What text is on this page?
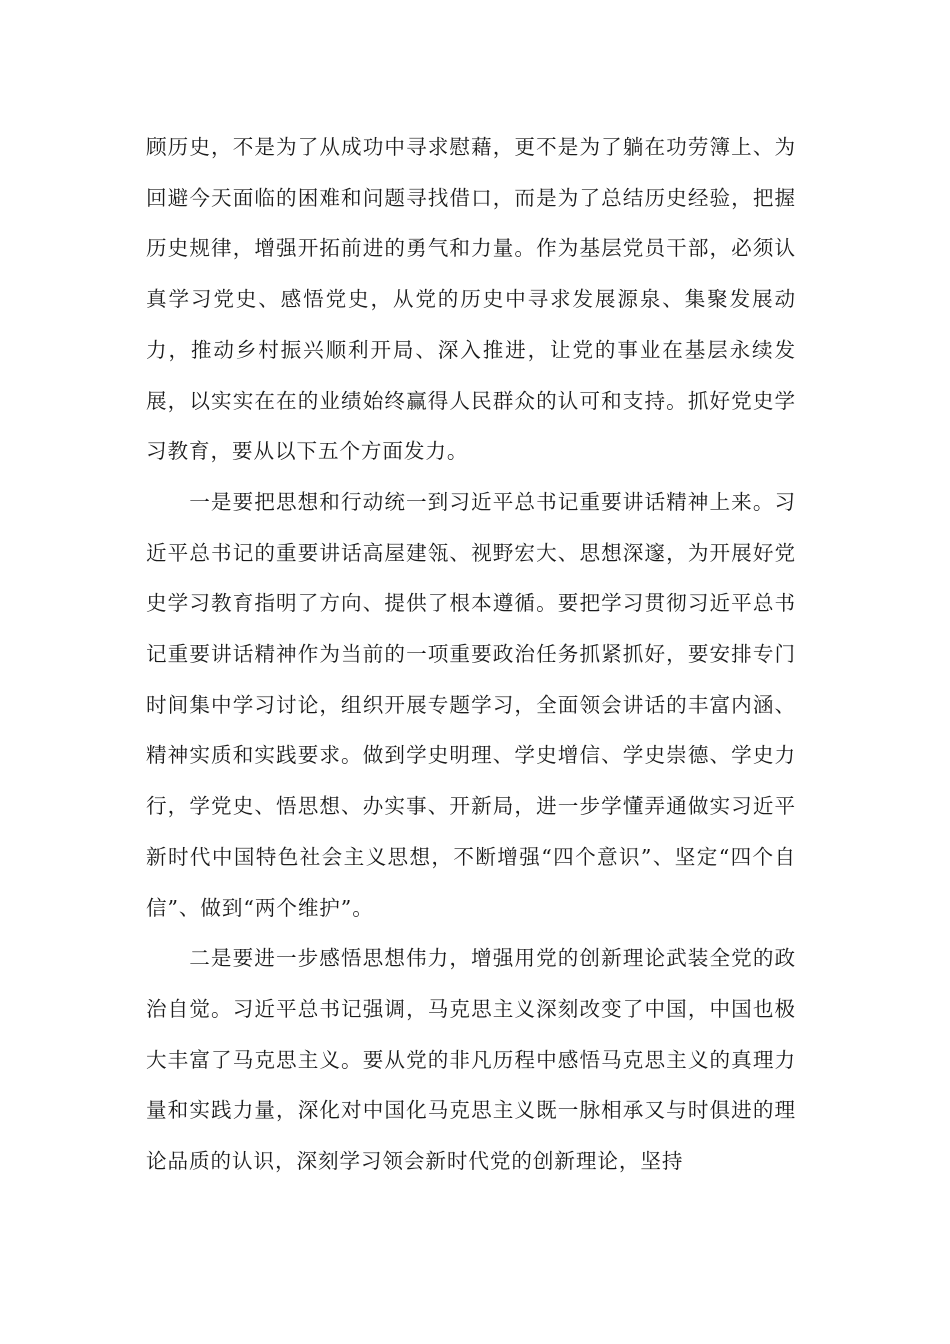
顾历史，不是为了从成功中寻求慰藉，更不是为了躺在功劳簿上、为回避今天面临的困难和问题寻找借口，而是为了总结历史经验，把握历史规律，增强开拓前进的勇气和力量。作为基层党员干部，必须认真学习党史、感悟党史，从党的历史中寻求发展源泉、集聚发展动力，推动乡村振兴顺利开局、深入推进，让党的事业在基层永续发展，以实实在在的业绩始终赢得人民群众的认可和支持。抓好党史学习教育，要从以下五个方面发力。

一是要把思想和行动统一到习近平总书记重要讲话精神上来。习近平总书记的重要讲话高屋建瓴、视野宏大、思想深邃，为开展好党史学习教育指明了方向、提供了根本遵循。要把学习贯彻习近平总书记重要讲话精神作为当前的一项重要政治任务抓紧抓好，要安排专门时间集中学习讨论，组织开展专题学习，全面领会讲话的丰富内涵、精神实质和实践要求。做到学史明理、学史增信、学史崇德、学史力行，学党史、悟思想、办实事、开新局，进一步学懂弄通做实习近平新时代中国特色社会主义思想，不断增强“四个意识”、坚定“四个自信”、做到“两个维护”。

二是要进一步感悟思想伟力，增强用党的创新理论武装全党的政治自觉。习近平总书记强调，马克思主义深刻改变了中国，中国也极大丰富了马克思主义。要从党的非凡历程中感悟马克思主义的真理力量和实践力量，深化对中国化马克思主义既一脉相承又与时俱进的理论品质的认识，深刻学习领会新时代党的创新理论，坚持
